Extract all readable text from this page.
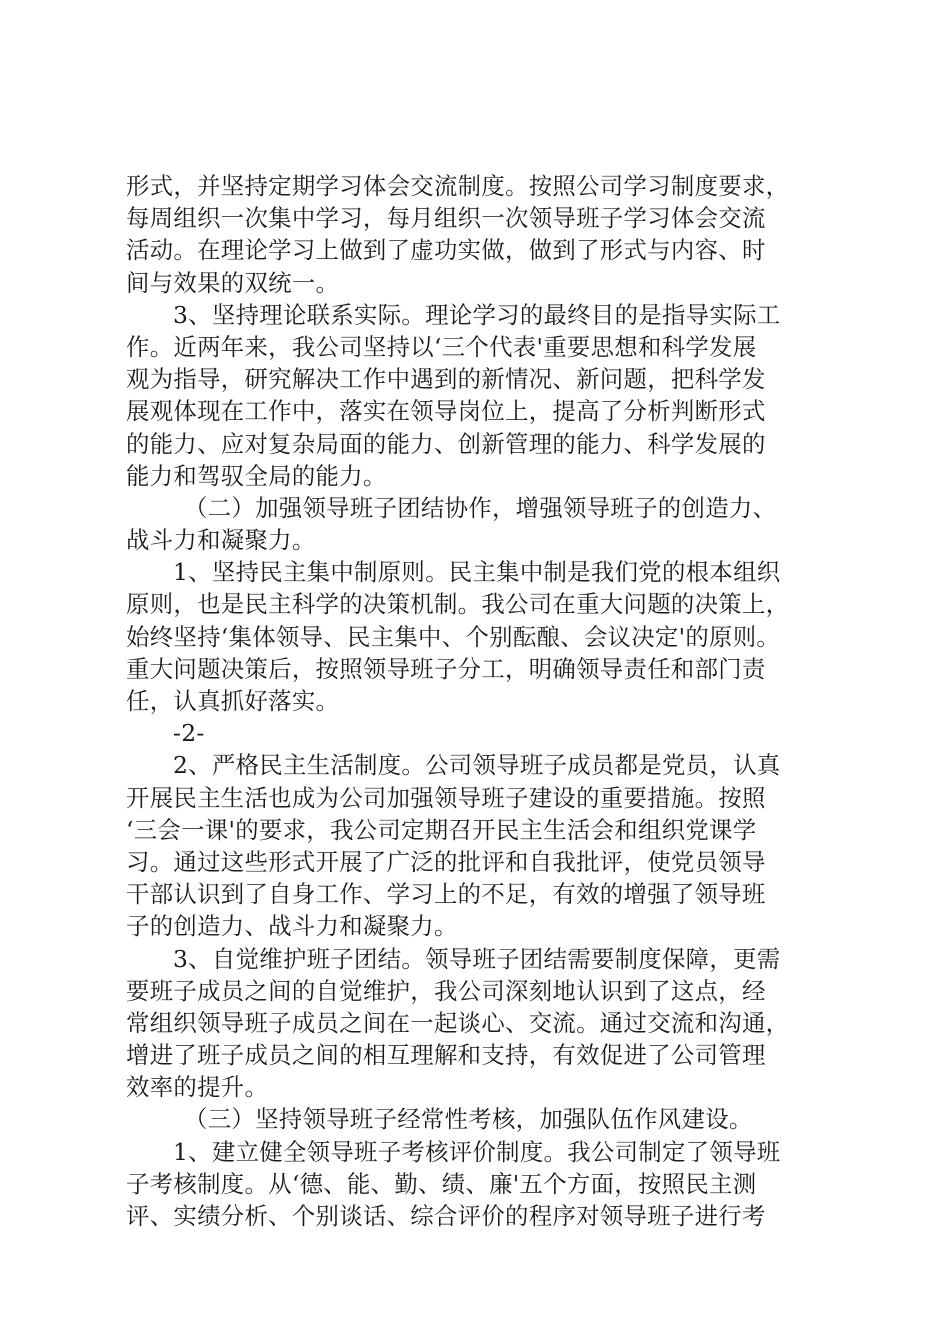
形式，并坚持定期学习体会交流制度。按照公司学习制度要求，
每周组织一次集中学习，每月组织一次领导班子学习体会交流
活动。在理论学习上做到了虚功实做，做到了形式与内容、时
间与效果的双统一。
3、坚持理论联系实际。理论学习的最终目的是指导实际工
作。近两年来，我公司坚持以‘三个代表'重要思想和科学发展
观为指导，研究解决工作中遇到的新情况、新问题，把科学发
展观体现在工作中，落实在领导岗位上，提高了分析判断形式
的能力、应对复杂局面的能力、创新管理的能力、科学发展的
能力和驾驭全局的能力。
（二）加强领导班子团结协作，增强领导班子的创造力、
战斗力和凝聚力。
1、坚持民主集中制原则。民主集中制是我们党的根本组织
原则，也是民主科学的决策机制。我公司在重大问题的决策上，
始终坚持‘集体领导、民主集中、个别酝酿、会议决定'的原则。
重大问题决策后，按照领导班子分工，明确领导责任和部门责
任，认真抓好落实。
-2-
2、严格民主生活制度。公司领导班子成员都是党员，认真
开展民主生活也成为公司加强领导班子建设的重要措施。按照
‘三会一课'的要求，我公司定期召开民主生活会和组织党课学
习。通过这些形式开展了广泛的批评和自我批评，使党员领导
干部认识到了自身工作、学习上的不足，有效的增强了领导班
子的创造力、战斗力和凝聚力。
3、自觉维护班子团结。领导班子团结需要制度保障，更需
要班子成员之间的自觉维护，我公司深刻地认识到了这点，经
常组织领导班子成员之间在一起谈心、交流。通过交流和沟通，
增进了班子成员之间的相互理解和支持，有效促进了公司管理
效率的提升。
（三）坚持领导班子经常性考核，加强队伍作风建设。
1、建立健全领导班子考核评价制度。我公司制定了领导班
子考核制度。从‘德、能、勤、绩、廉'五个方面，按照民主测
评、实绩分析、个别谈话、综合评价的程序对领导班子进行考
